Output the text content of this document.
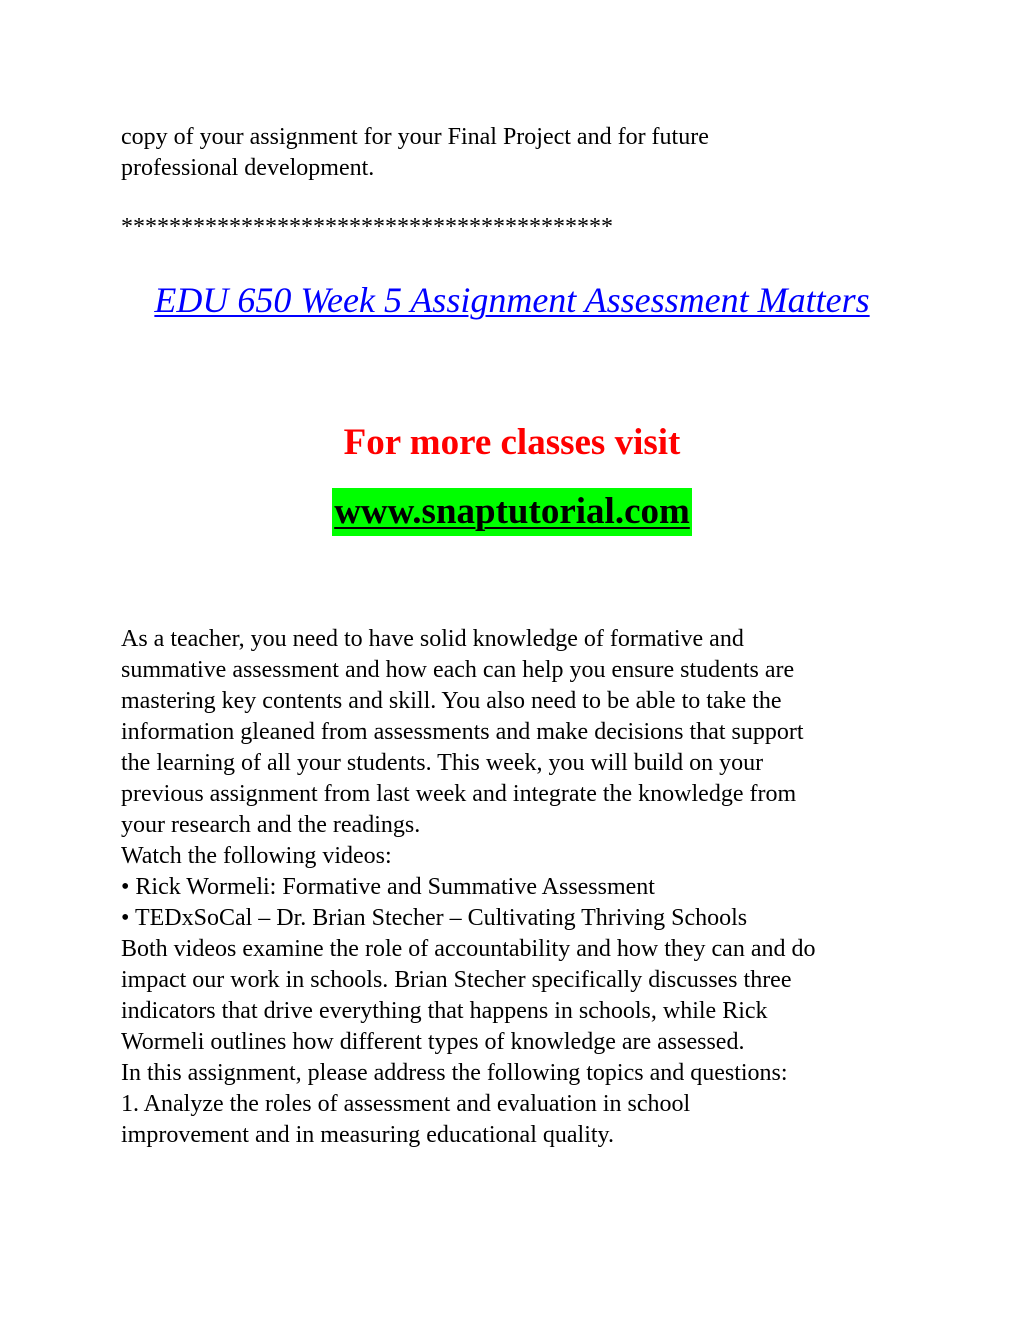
copy of your assignment for your Final Project and for future
professional development.
*****************************************
EDU 650 Week 5 Assignment Assessment Matters
For more classes visit
www.snaptutorial.com
As a teacher, you need to have solid knowledge of formative and
summative assessment and how each can help you ensure students are
mastering key contents and skill. You also need to be able to take the
information gleaned from assessments and make decisions that support
the learning of all your students. This week, you will build on your
previous assignment from last week and integrate the knowledge from
your research and the readings.
Watch the following videos:
• Rick Wormeli: Formative and Summative Assessment
• TEDxSoCal – Dr. Brian Stecher – Cultivating Thriving Schools
Both videos examine the role of accountability and how they can and do
impact our work in schools. Brian Stecher specifically discusses three
indicators that drive everything that happens in schools, while Rick
Wormeli outlines how different types of knowledge are assessed.
In this assignment, please address the following topics and questions:
1. Analyze the roles of assessment and evaluation in school
improvement and in measuring educational quality.
